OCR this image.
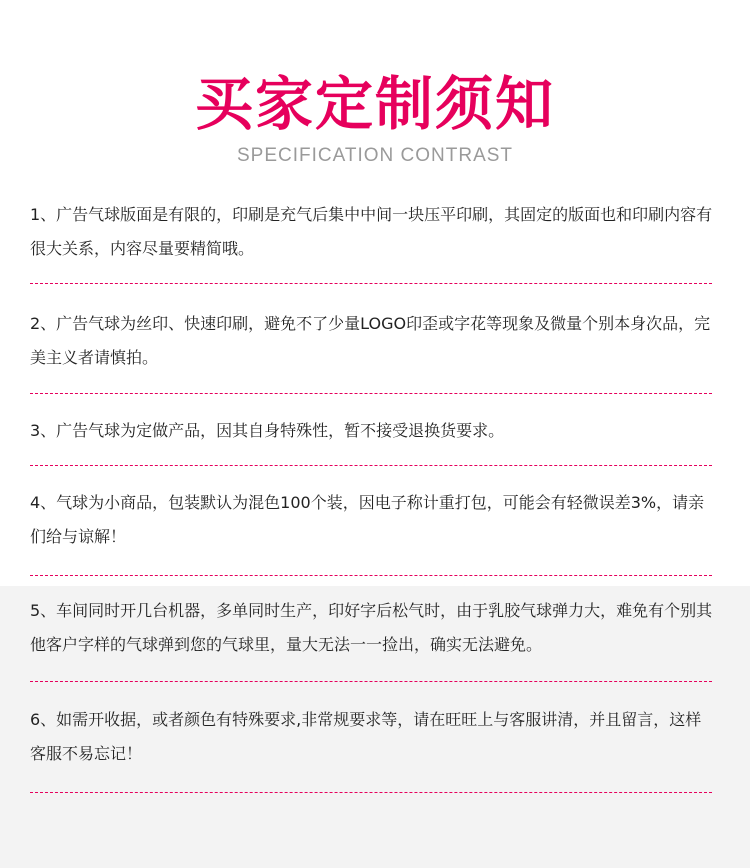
买家定制须知
SPECIFICATION CONTRAST
1、广告气球版面是有限的，印刷是充气后集中中间一块压平印刷，其固定的版面也和印刷内容有很大关系，内容尽量要精简哦。
2、广告气球为丝印、快速印刷，避免不了少量LOGO印歪或字花等现象及微量个别本身次品，完美主义者请慎拍。
3、广告气球为定做产品，因其自身特殊性，暂不接受退换货要求。
4、气球为小商品，包装默认为混色100个装，因电子称计重打包，可能会有轻微误差3%，请亲们给与谅解！
5、车间同时开几台机器，多单同时生产，印好字后松气时，由于乳胶气球弹力大，难免有个别其他客户字样的气球弹到您的气球里，量大无法一一捡出，确实无法避免。
6、如需开收据，或者颜色有特殊要求,非常规要求等，请在旺旺上与客服讲清，并且留言，这样客服不易忘记！
